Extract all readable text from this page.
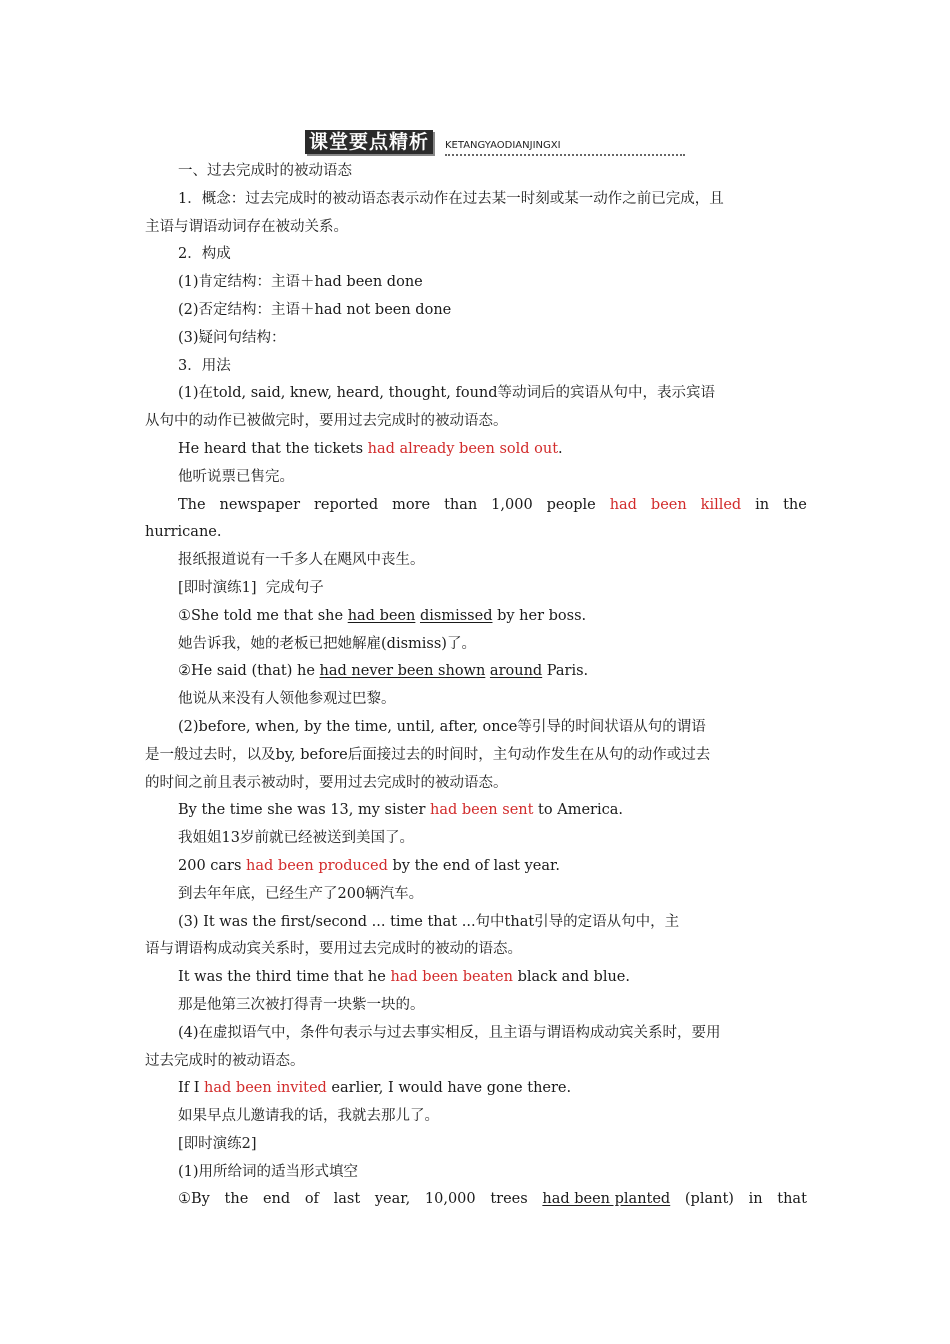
课堂要点精析	KETANGYAODIANJINGXI
一、过去完成时的被动语态
1．概念：过去完成时的被动语态表示动作在过去某一时刻或某一动作之前已完成，且
主语与谓语动词存在被动关系。
2．构成
(1)肯定结构：主语＋had been done
(2)否定结构：主语＋had not been done
(3)疑问句结构：
3．用法
(1)在told, said, knew, heard, thought, found等动词后的宾语从句中，表示宾语
从句中的动作已被做完时，要用过去完成时的被动语态。
He heard that the tickets had already been sold out.
他听说票已售完。
The newspaper reported more than 1,000 people had been killed in the
hurricane.
报纸报道说有一千多人在飓风中丧生。
[即时演练1] 完成句子
①She told me that she had been dismissed by her boss.
她告诉我，她的老板已把她解雇(dismiss)了。
②He said (that) he had never been shown around Paris.
他说从来没有人领他参观过巴黎。
(2)before, when, by the time, until, after, once等引导的时间状语从句的谓语
是一般过去时，以及by, before后面接过去的时间时，主句动作发生在从句的动作或过去
的时间之前且表示被动时，要用过去完成时的被动语态。
By the time she was 13, my sister had been sent to America.
我姐姐13岁前就已经被送到美国了。
200 cars had been produced by the end of last year.
到去年年底，已经生产了200辆汽车。
(3) It was the first/second ... time that ...句中that引导的定语从句中，主
语与谓语构成动宾关系时，要用过去完成时的被动的语态。
It was the third time that he had been beaten black and blue.
那是他第三次被打得青一块紫一块的。
(4)在虚拟语气中，条件句表示与过去事实相反，且主语与谓语构成动宾关系时，要用
过去完成时的被动语态。
If I had been invited earlier, I would have gone there.
如果早点儿邀请我的话，我就去那儿了。
[即时演练2]
(1)用所给词的适当形式填空
①By the end of last year, 10,000 trees had been planted (plant) in that
